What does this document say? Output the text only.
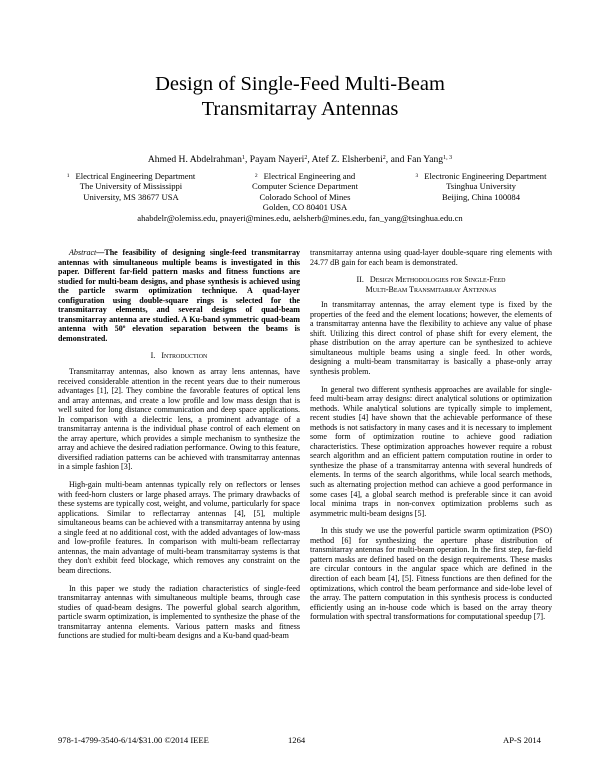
Design of Single-Feed Multi-Beam
Transmitarray Antennas
Ahmed H. Abdelrahman$^1$, Payam Nayeri$^2$, Atef Z. Elsherbeni$^2$, and Fan Yang$^{1, 3}$
$^1$ Electrical Engineering Department
The University of Mississippi
University, MS 38677 USA
$^2$ Electrical Engineering and
Computer Science Department
Colorado School of Mines
Golden, CO 80401 USA
$^3$ Electronic Engineering Department
Tsinghua University
Beijing, China 100084
ahabdelr@olemiss.edu, pnayeri@mines.edu, aelsherb@mines.edu, fan_yang@tsinghua.edu.cn

Abstract—The feasibility of designing single-feed transmitarray antennas with simultaneous multiple beams is investigated in this paper. Different far-field pattern masks and fitness functions are studied for multi-beam designs, and phase synthesis is achieved using the particle swarm optimization technique. A quad-layer configuration using double-square rings is selected for the transmitarray elements, and several designs of quad-beam transmitarray antenna are studied. A Ku-band symmetric quad-beam antenna with 50º elevation separation between the beams is demonstrated.

I. Introduction

Transmitarray antennas, also known as array lens antennas, have received considerable attention in the recent years due to their numerous advantages [1], [2]. They combine the favorable features of optical lens and array antennas, and create a low profile and low mass design that is well suited for long distance communication and deep space applications. In comparison with a dielectric lens, a prominent advantage of a transmitarray antenna is the individual phase control of each element on the array aperture, which provides a simple mechanism to synthesize the array and achieve the desired radiation performance. Owing to this feature, diversified radiation patterns can be achieved with transmitarray antennas in a simple fashion [3].

High-gain multi-beam antennas typically rely on reflectors or lenses with feed-horn clusters or large phased arrays. The primary drawbacks of these systems are typically cost, weight, and volume, particularly for space applications. Similar to reflectarray antennas [4], [5], multiple simultaneous beams can be achieved with a transmitarray antenna by using a single feed at no additional cost, with the added advantages of low-mass and low-profile features. In comparison with multi-beam reflectarray antennas, the main advantage of multi-beam transmitarray systems is that they don't exhibit feed blockage, which removes any constraint on the beam directions.

In this paper we study the radiation characteristics of single-feed transmitarray antennas with simultaneous multiple beams, through case studies of quad-beam designs. The powerful global search algorithm, particle swarm optimization, is implemented to synthesize the phase of the transmitarray antenna elements. Various pattern masks and fitness functions are studied for multi-beam designs and a Ku-band quad-beam

transmitarray antenna using quad-layer double-square ring elements with 24.77 dB gain for each beam is demonstrated.

II. Design Methodologies for Single-Feed
Multi-Beam Transmitarray Antennas

In transmitarray antennas, the array element type is fixed by the properties of the feed and the element locations; however, the elements of a transmitarray antenna have the flexibility to achieve any value of phase shift. Utilizing this direct control of phase shift for every element, the phase distribution on the array aperture can be synthesized to achieve simultaneous multiple beams using a single feed. In other words, designing a multi-beam transmitarray is basically a phase-only array synthesis problem.

In general two different synthesis approaches are available for single-feed multi-beam array designs: direct analytical solutions or optimization methods. While analytical solutions are typically simple to implement, recent studies [4] have shown that the achievable performance of these methods is not satisfactory in many cases and it is necessary to implement some form of optimization routine to achieve good radiation characteristics. These optimization approaches however require a robust search algorithm and an efficient pattern computation routine in order to synthesize the phase of a transmitarray antenna with several hundreds of elements. In terms of the search algorithms, while local search methods, such as alternating projection method can achieve a good performance in some cases [4], a global search method is preferable since it can avoid local minima traps in non-convex optimization problems such as asymmetric multi-beam designs [5].

In this study we use the powerful particle swarm optimization (PSO) method [6] for synthesizing the aperture phase distribution of transmitarray antennas for multi-beam operation. In the first step, far-field pattern masks are defined based on the design requirements. These masks are circular contours in the angular space which are defined in the direction of each beam [4], [5]. Fitness functions are then defined for the optimizations, which control the beam performance and side-lobe level of the array. The pattern computation in this synthesis process is conducted efficiently using an in-house code which is based on the array theory formulation with spectral transformations for computational speedup [7].

978-1-4799-3540-6/14/$31.00 ©2014 IEEE	1264	AP-S 2014
